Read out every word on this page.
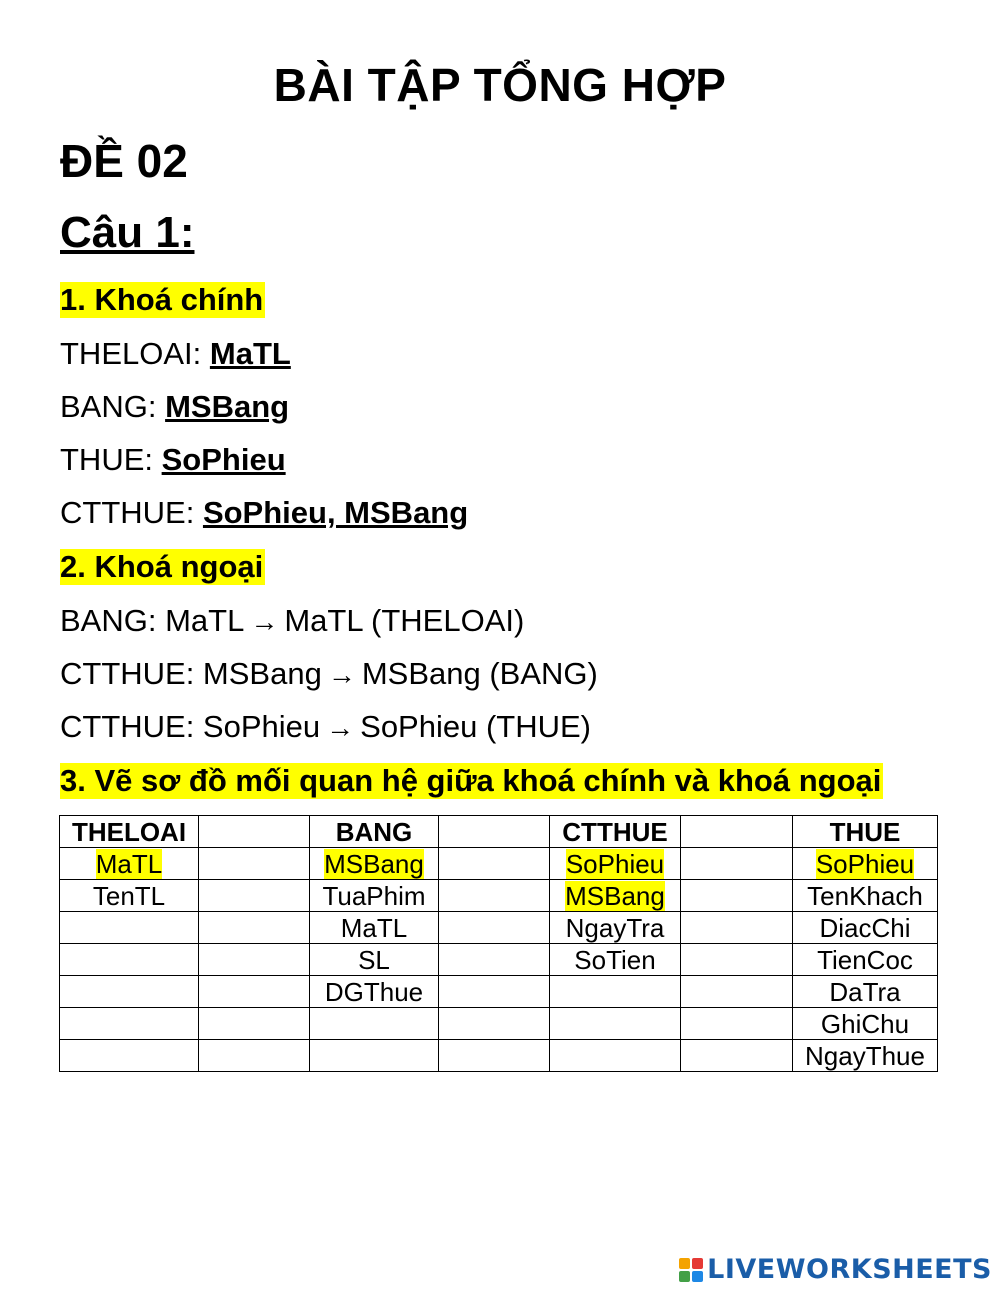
BÀI TẬP TỔNG HỢP
ĐỀ 02
Câu 1:
1. Khoá chính
THELOAI: MaTL
BANG: MSBang
THUE: SoPhieu
CTTHUE: SoPhieu, MSBang
2. Khoá ngoại
BANG: MaTL → MaTL (THELOAI)
CTTHUE: MSBang → MSBang (BANG)
CTTHUE: SoPhieu → SoPhieu (THUE)
3. Vẽ sơ đồ mối quan hệ giữa khoá chính và khoá ngoại
THELOAI		BANG		CTTHUE		THUE
MaTL		MSBang		SoPhieu		SoPhieu
TenTL		TuaPhim		MSBang		TenKhach
		MaTL		NgayTra		DiacChi
		SL		SoTien		TienCoc
		DGThue				DaTra
						GhiChu
						NgayThue
LIVEWORKSHEETS
